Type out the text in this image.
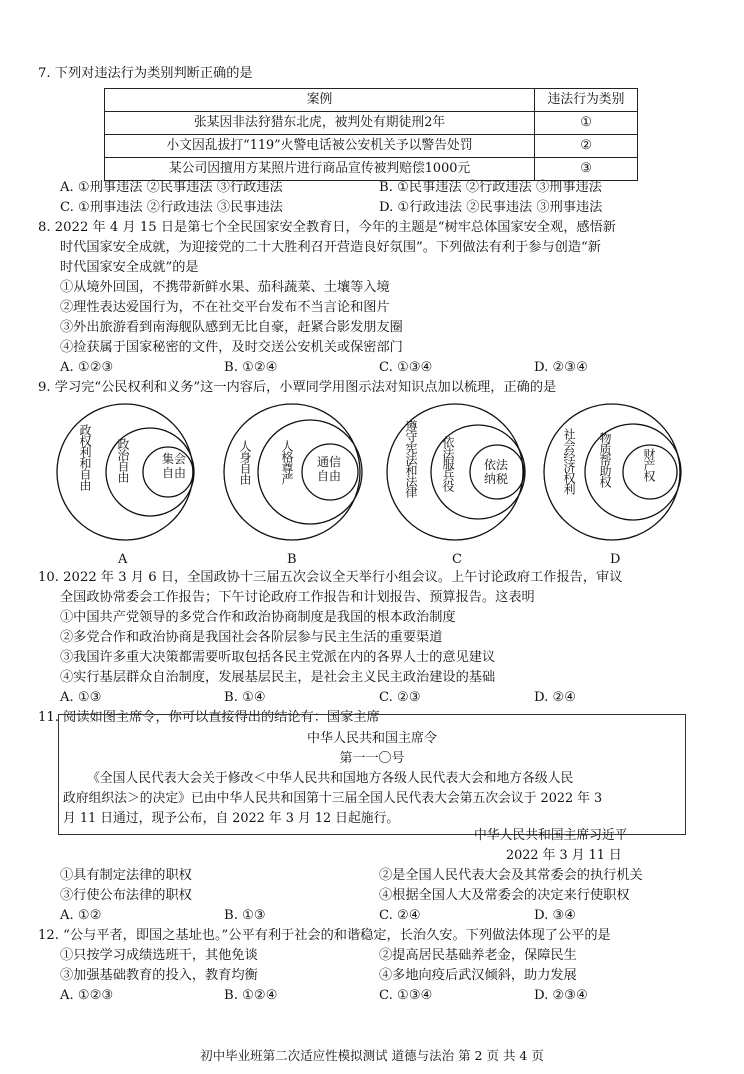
7. 下列对违法行为类别判断正确的是
案例	违法行为类别
张某因非法狩猎东北虎，被判处有期徒刑2年	①
小文因乱拔打“119”火警电话被公安机关予以警告处罚	②
某公司因擅用方某照片进行商品宣传被判赔偿1000元	③
A. ①刑事违法 ②民事违法 ③行政违法	B. ①民事违法 ②行政违法 ③刑事违法
C. ①刑事违法 ②行政违法 ③民事违法	D. ①行政违法 ②民事违法 ③刑事违法
8. 2022 年 4 月 15 日是第七个全民国家安全教育日，今年的主题是“树牢总体国家安全观，感悟新
时代国家安全成就，为迎接党的二十大胜利召开营造良好氛围”。下列做法有利于参与创造“新
时代国家安全成就”的是
①从境外回国，不携带新鲜水果、茄科蔬菜、土壤等入境
②理性表达爱国行为，不在社交平台发布不当言论和图片
③外出旅游看到南海舰队感到无比自豪，赶紧合影发朋友圈
④捡获属于国家秘密的文件，及时交送公安机关或保密部门
A. ①②③	B. ①②④	C. ①③④	D. ②③④
9. 学习完“公民权利和义务”这一内容后，小覃同学用图示法对知识点加以梳理，正确的是
政权利和自由 政治自由	集会自由	人身自由 人格尊严 通信自由	遵守宪法和法律 依法服兵役 依法纳税	社会经济权利 物质帮助权	财产权
A	B	C	D
10. 2022 年 3 月 6 日，全国政协十三届五次会议全天举行小组会议。上午讨论政府工作报告，审议
全国政协常委会工作报告；下午讨论政府工作报告和计划报告、预算报告。这表明
①中国共产党领导的多党合作和政治协商制度是我国的根本政治制度
②多党合作和政治协商是我国社会各阶层参与民主生活的重要渠道
③我国许多重大决策都需要听取包括各民主党派在内的各界人士的意见建议
④实行基层群众自治制度，发展基层民主，是社会主义民主政治建设的基础
A. ①③	B. ①④	C. ②③	D. ②④
11. 阅读如图主席令，你可以直接得出的结论有：国家主席
中华人民共和国主席令
第一一〇号
《全国人民代表大会关于修改＜中华人民共和国地方各级人民代表大会和地方各级人民
政府组织法＞的决定》已由中华人民共和国第十三届全国人民代表大会第五次会议于 2022 年 3
月 11 日通过，现予公布，自 2022 年 3 月 12 日起施行。
中华人民共和国主席习近平
2022 年 3 月 11 日
①具有制定法律的职权	②是全国人民代表大会及其常委会的执行机关
③行使公布法律的职权	④根据全国人大及常委会的决定来行使职权
A. ①②	B. ①③	C. ②④	D. ③④
12. “公与平者，即国之基址也。”公平有利于社会的和谐稳定，长治久安。下列做法体现了公平的是
①只按学习成绩选班干，其他免谈	②提高居民基础养老金，保障民生
③加强基础教育的投入，教育均衡	④多地向疫后武汉倾斜，助力发展
A. ①②③	B. ①②④	C. ①③④	D. ②③④
初中毕业班第二次适应性模拟测试 道德与法治 第 2 页 共 4 页
